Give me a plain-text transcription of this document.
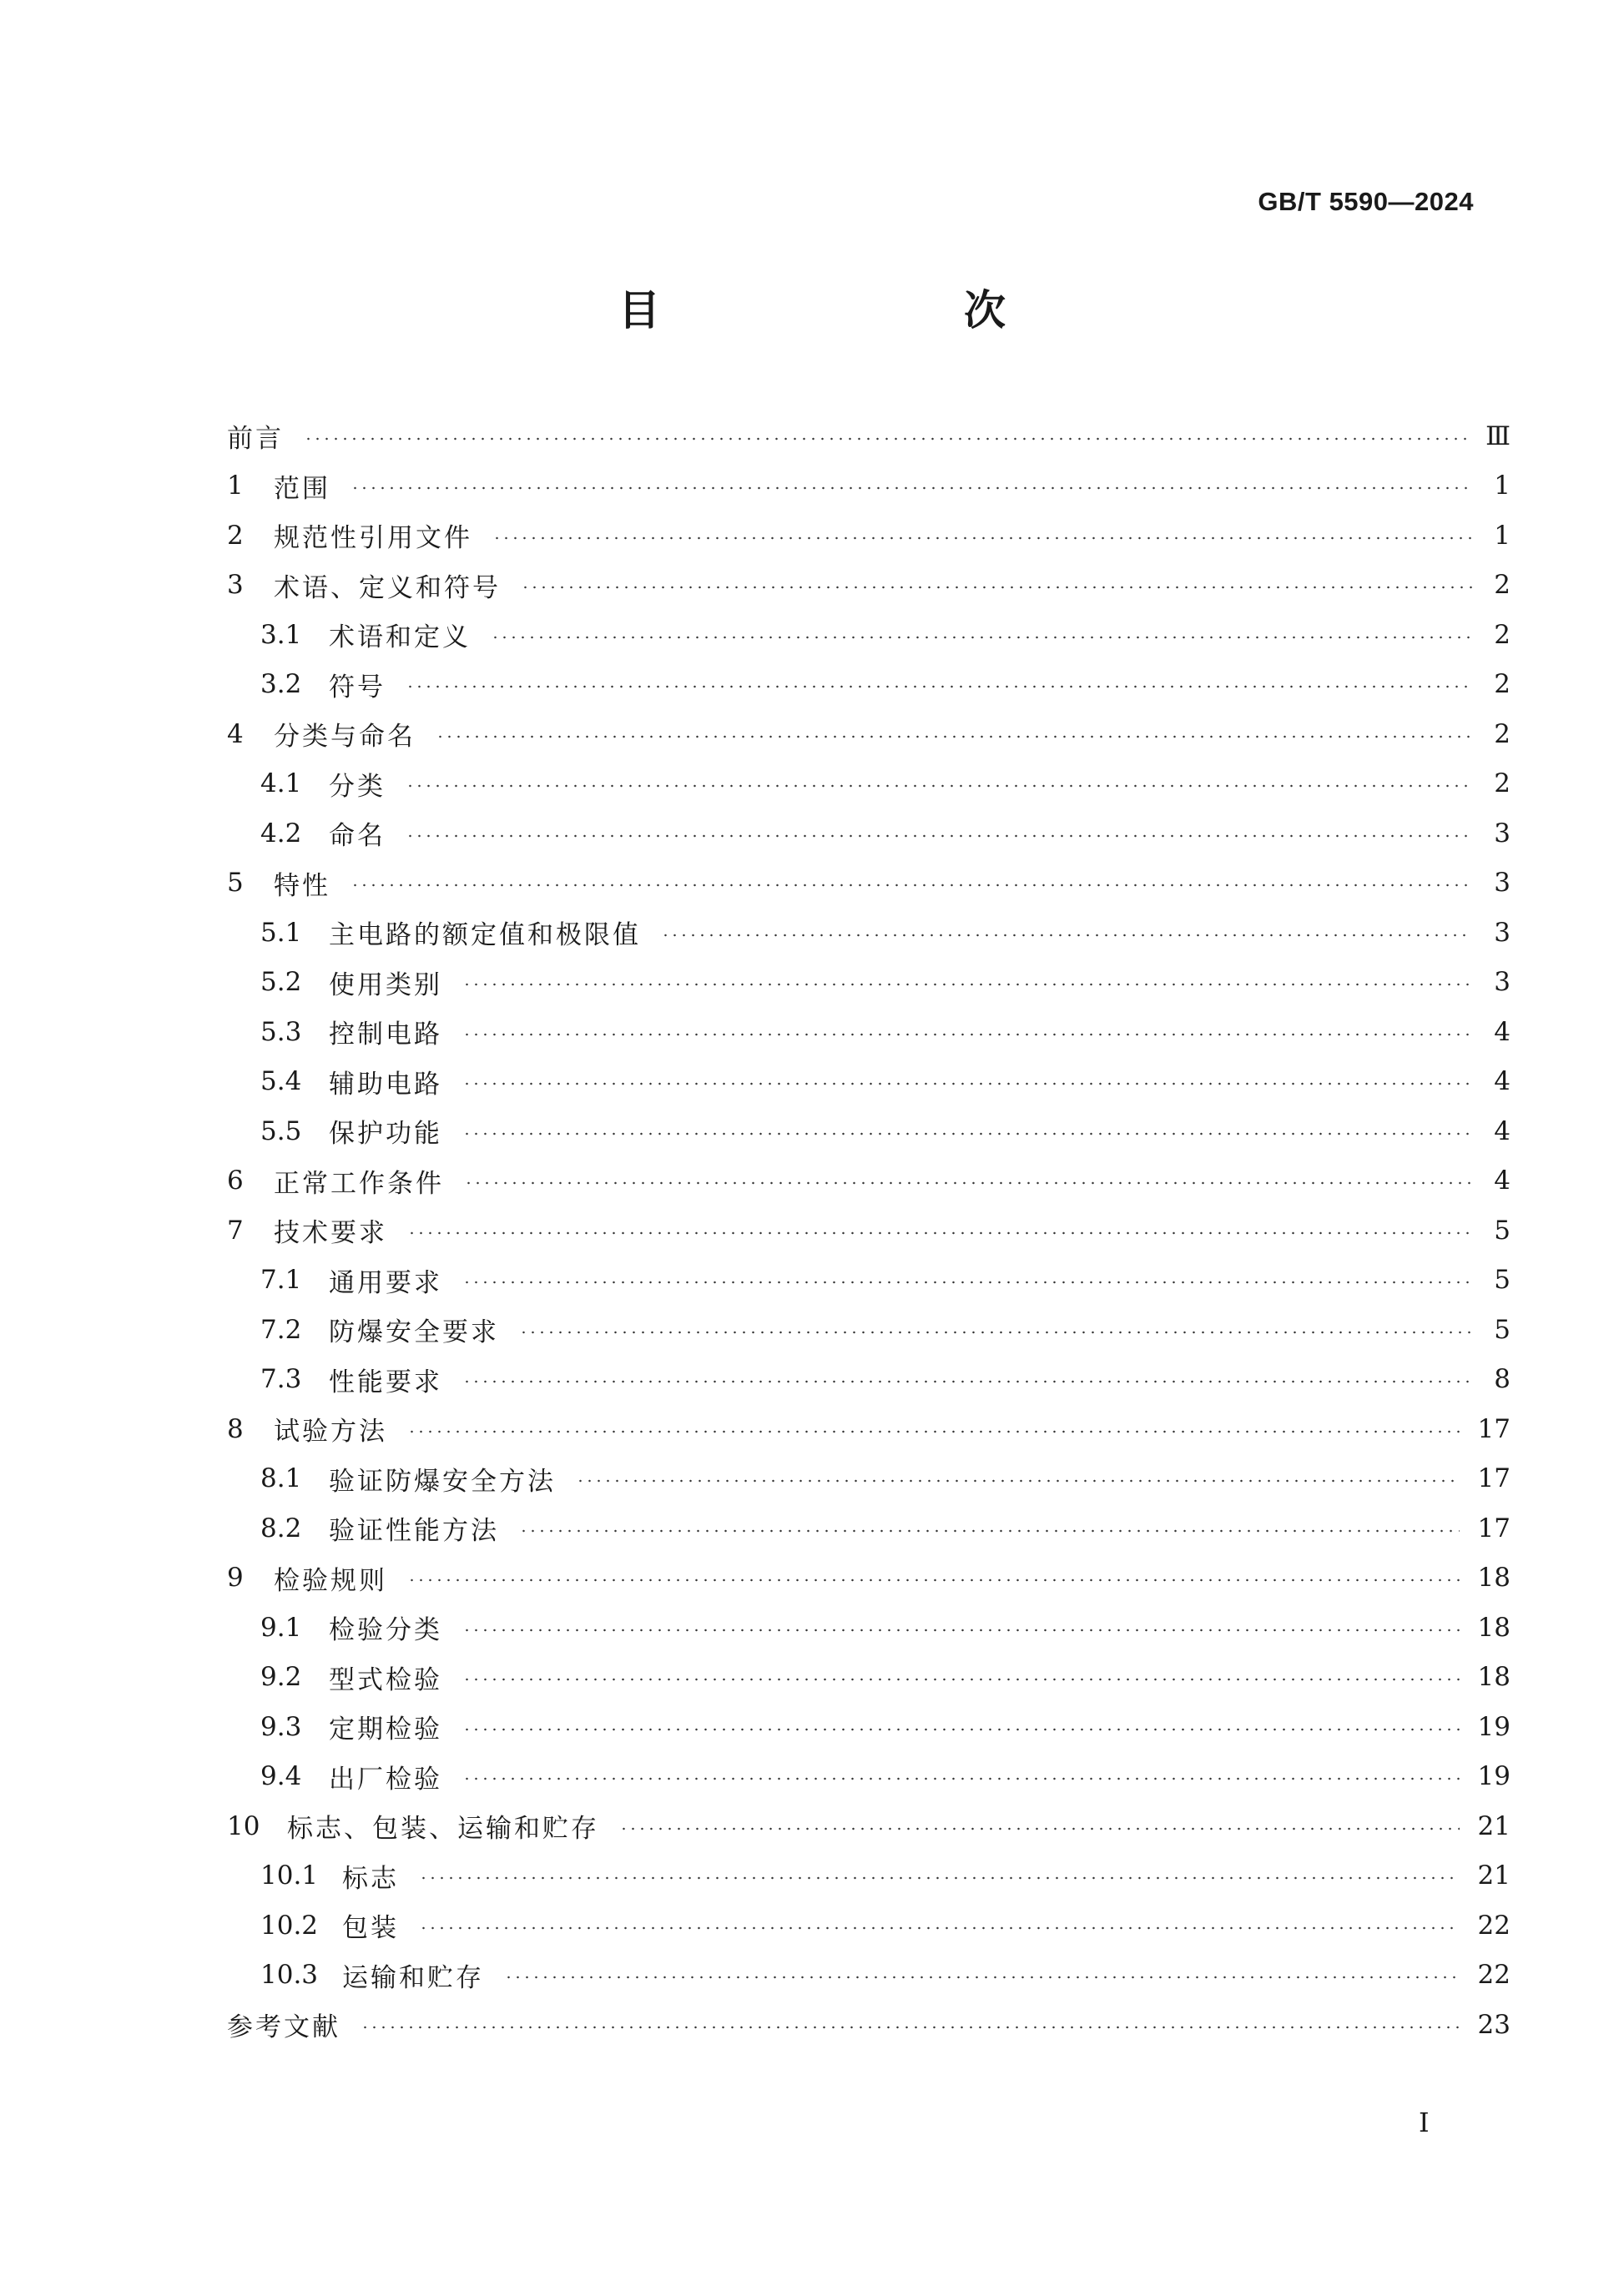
GB/T 5590—2024
目　　次
前言	Ⅲ
1	范围	1
2	规范性引用文件	1
3	术语、定义和符号	2
3.1	术语和定义	2
3.2	符号	2
4	分类与命名	2
4.1	分类	2
4.2	命名	3
5	特性	3
5.1	主电路的额定值和极限值	3
5.2	使用类别	3
5.3	控制电路	4
5.4	辅助电路	4
5.5	保护功能	4
6	正常工作条件	4
7	技术要求	5
7.1	通用要求	5
7.2	防爆安全要求	5
7.3	性能要求	8
8	试验方法	17
8.1	验证防爆安全方法	17
8.2	验证性能方法	17
9	检验规则	18
9.1	检验分类	18
9.2	型式检验	18
9.3	定期检验	19
9.4	出厂检验	19
10	标志、包装、运输和贮存	21
10.1 标志	21
10.2 包装	22
10.3 运输和贮存	22
参考文献	23
Ⅰ
